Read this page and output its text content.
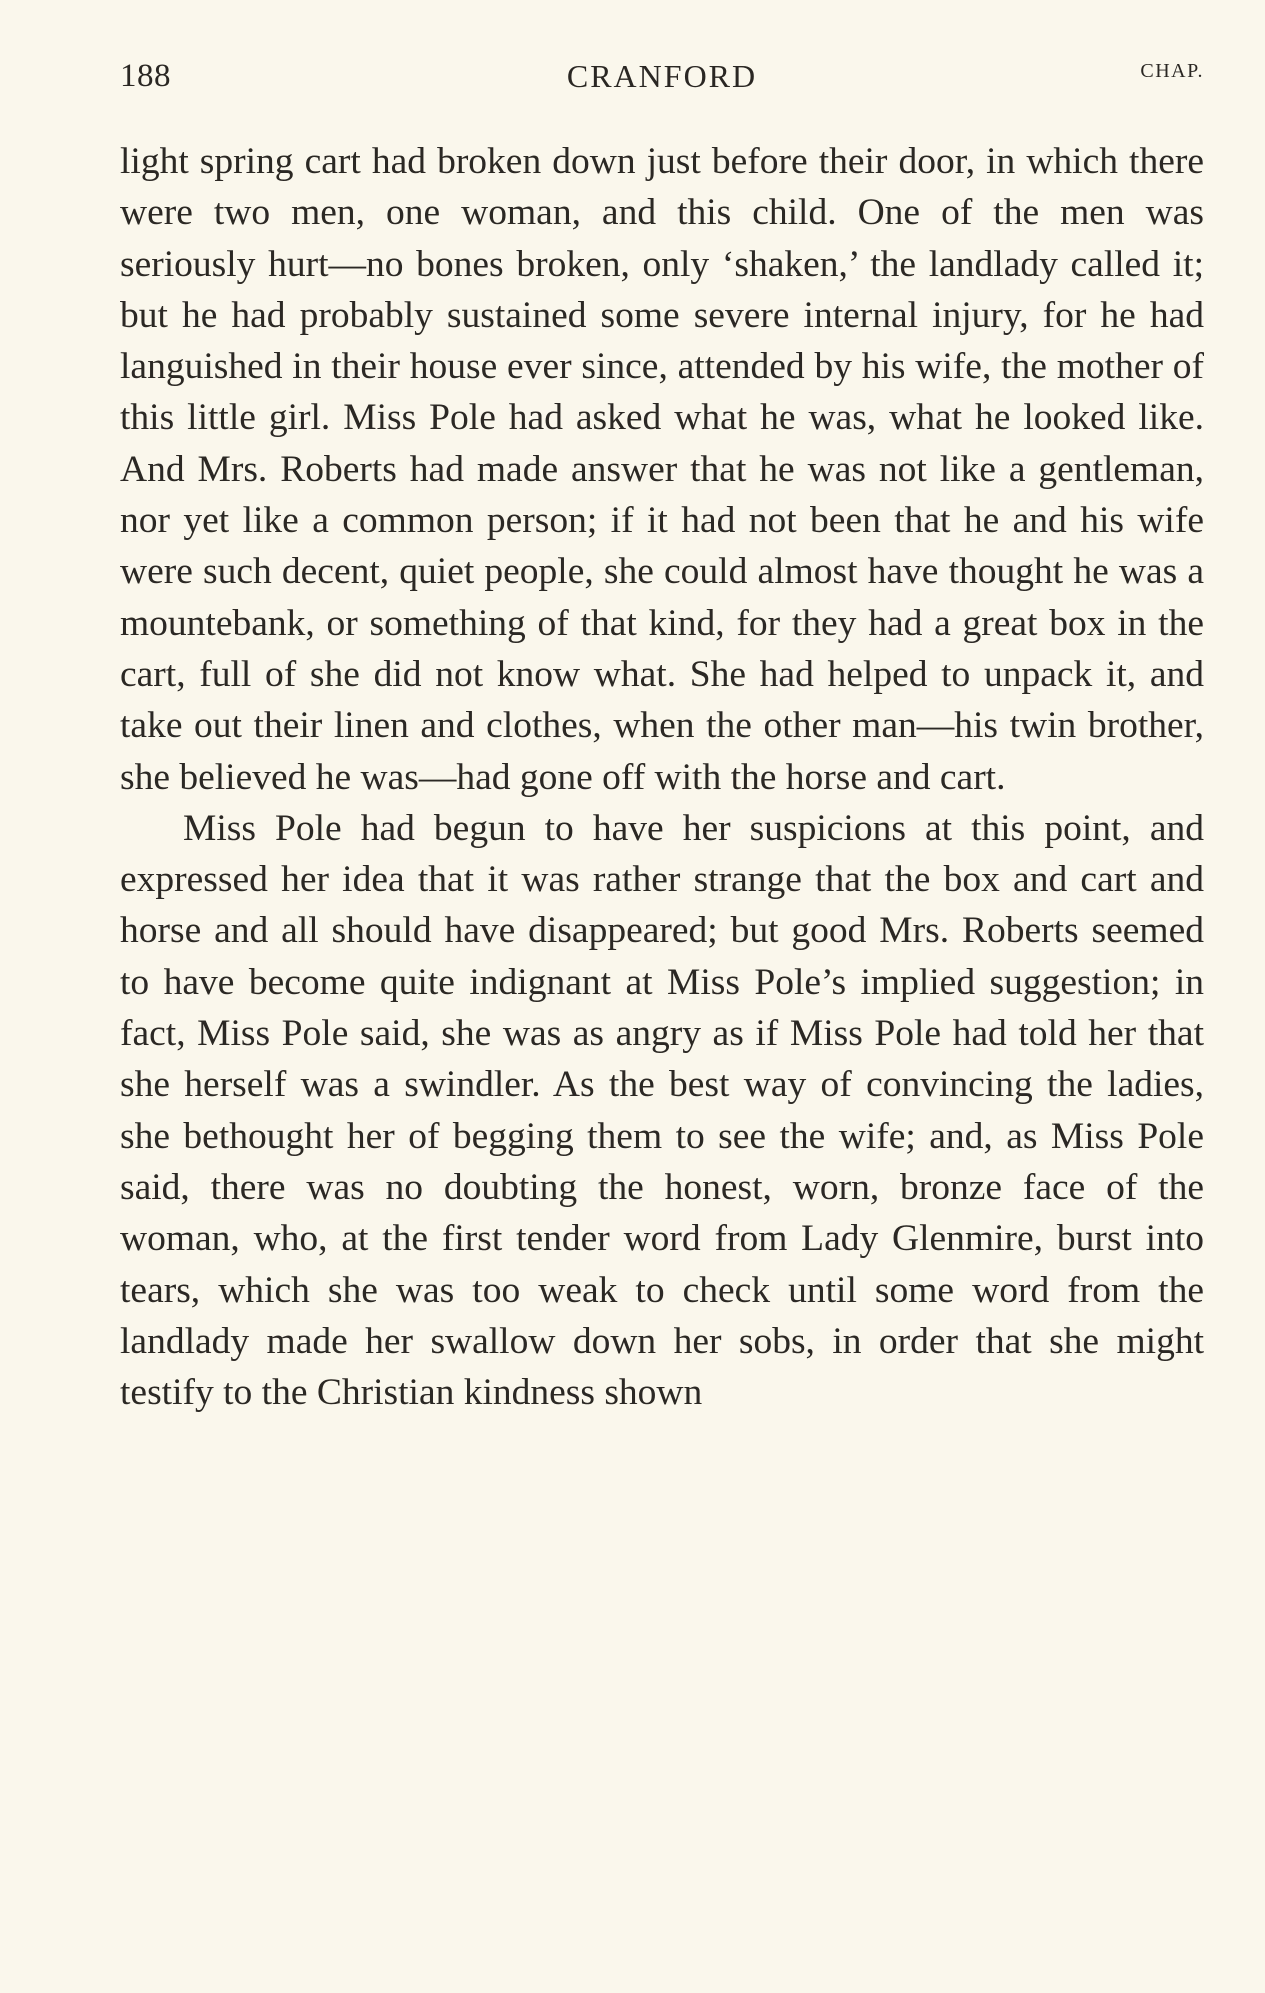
188	CRANFORD	CHAP.

light spring cart had broken down just before their door, in which there were two men, one woman, and this child. One of the men was seriously hurt—no bones broken, only ‘shaken,’ the landlady called it; but he had probably sustained some severe internal injury, for he had languished in their house ever since, attended by his wife, the mother of this little girl. Miss Pole had asked what he was, what he looked like. And Mrs. Roberts had made answer that he was not like a gentleman, nor yet like a common person; if it had not been that he and his wife were such decent, quiet people, she could almost have thought he was a mountebank, or something of that kind, for they had a great box in the cart, full of she did not know what. She had helped to unpack it, and take out their linen and clothes, when the other man—his twin brother, she believed he was—had gone off with the horse and cart.

Miss Pole had begun to have her suspicions at this point, and expressed her idea that it was rather strange that the box and cart and horse and all should have disappeared; but good Mrs. Roberts seemed to have become quite indignant at Miss Pole’s implied suggestion; in fact, Miss Pole said, she was as angry as if Miss Pole had told her that she herself was a swindler. As the best way of convincing the ladies, she bethought her of begging them to see the wife; and, as Miss Pole said, there was no doubting the honest, worn, bronze face of the woman, who, at the first tender word from Lady Glenmire, burst into tears, which she was too weak to check until some word from the landlady made her swallow down her sobs, in order that she might testify to the Christian kindness shown
